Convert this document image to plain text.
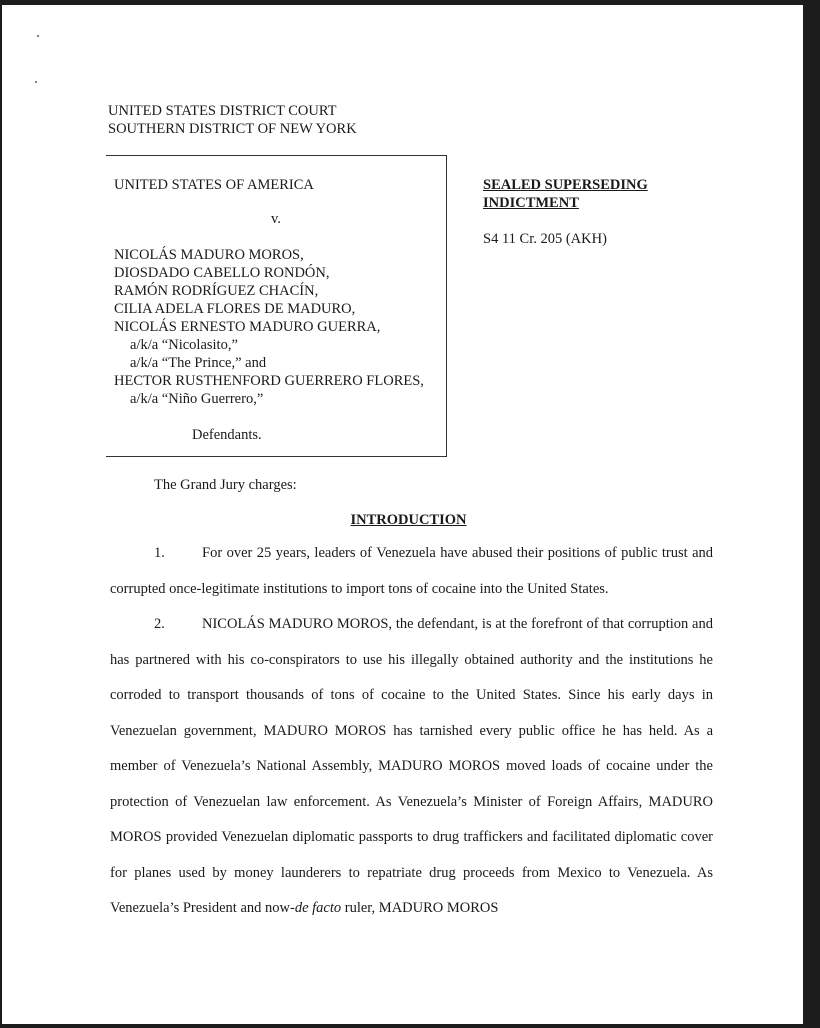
UNITED STATES DISTRICT COURT
SOUTHERN DISTRICT OF NEW YORK
UNITED STATES OF AMERICA
v.
NICOLÁS MADURO MOROS,
DIOSDADO CABELLO RONDÓN,
RAMÓN RODRÍGUEZ CHACÍN,
CILIA ADELA FLORES DE MADURO,
NICOLÁS ERNESTO MADURO GUERRA,
a/k/a “Nicolasito,”
a/k/a “The Prince,” and
HECTOR RUSTHENFORD GUERRERO FLORES,
a/k/a “Niño Guerrero,”
Defendants.
SEALED SUPERSEDING
INDICTMENT
S4 11 Cr. 205 (AKH)
The Grand Jury charges:
INTRODUCTION
1.	For over 25 years, leaders of Venezuela have abused their positions of public trust and corrupted once-legitimate institutions to import tons of cocaine into the United States.
2.	NICOLÁS MADURO MOROS, the defendant, is at the forefront of that corruption and has partnered with his co-conspirators to use his illegally obtained authority and the institutions he corroded to transport thousands of tons of cocaine to the United States. Since his early days in Venezuelan government, MADURO MOROS has tarnished every public office he has held. As a member of Venezuela’s National Assembly, MADURO MOROS moved loads of cocaine under the protection of Venezuelan law enforcement. As Venezuela’s Minister of Foreign Affairs, MADURO MOROS provided Venezuelan diplomatic passports to drug traffickers and facilitated diplomatic cover for planes used by money launderers to repatriate drug proceeds from Mexico to Venezuela. As Venezuela’s President and now-de facto ruler, MADURO MOROS
